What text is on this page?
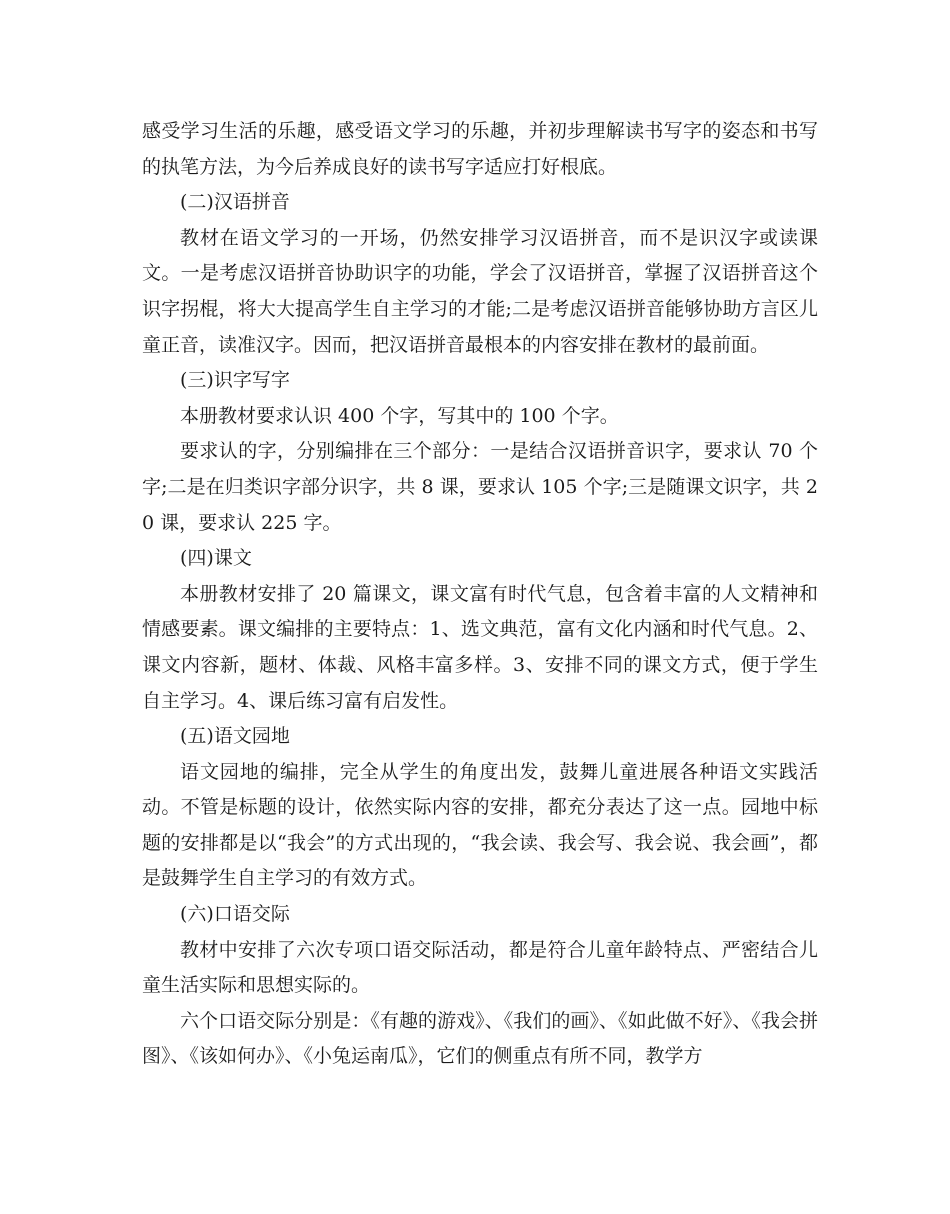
感受学习生活的乐趣，感受语文学习的乐趣，并初步理解读书写字的姿态和书写的执笔方法，为今后养成良好的读书写字适应打好根底。

(二)汉语拼音

教材在语文学习的一开场，仍然安排学习汉语拼音，而不是识汉字或读课文。一是考虑汉语拼音协助识字的功能，学会了汉语拼音，掌握了汉语拼音这个识字拐棍，将大大提高学生自主学习的才能;二是考虑汉语拼音能够协助方言区儿童正音，读准汉字。因而，把汉语拼音最根本的内容安排在教材的最前面。

(三)识字写字

本册教材要求认识 400 个字，写其中的 100 个字。

要求认的字，分别编排在三个部分：一是结合汉语拼音识字，要求认 70 个字;二是在归类识字部分识字，共 8 课，要求认 105 个字;三是随课文识字，共 20 课，要求认 225 字。

(四)课文

本册教材安排了 20 篇课文，课文富有时代气息，包含着丰富的人文精神和情感要素。课文编排的主要特点：1、选文典范，富有文化内涵和时代气息。2、课文内容新，题材、体裁、风格丰富多样。3、安排不同的课文方式，便于学生自主学习。4、课后练习富有启发性。

(五)语文园地

语文园地的编排，完全从学生的角度出发，鼓舞儿童进展各种语文实践活动。不管是标题的设计，依然实际内容的安排，都充分表达了这一点。园地中标题的安排都是以“我会”的方式出现的，“我会读、我会写、我会说、我会画”，都是鼓舞学生自主学习的有效方式。

(六)口语交际

教材中安排了六次专项口语交际活动，都是符合儿童年龄特点、严密结合儿童生活实际和思想实际的。

六个口语交际分别是：《有趣的游戏》、《我们的画》、《如此做不好》、《我会拼图》、《该如何办》、《小兔运南瓜》，它们的侧重点有所不同，教学方
